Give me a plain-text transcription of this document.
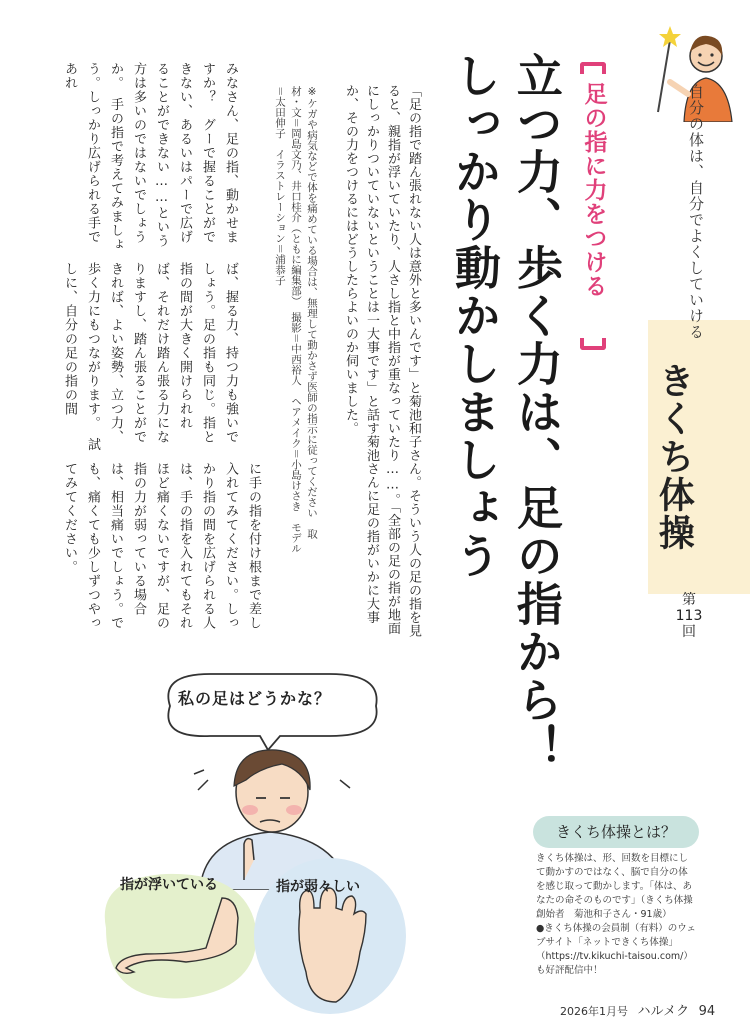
自分の体は、自分でよくしていける
きくち体操
第
113
回
足の指に力をつける
立つ力、歩く力は、足の指から！
しっかり動かしましょう
「足の指で踏ん張れない人は意外と多いんです」と菊池和子さん。そういう人の足の指を見ると、親指が浮いていたり、人さし指と中指が重なっていたり……。「全部の足の指が地面にしっかりついていないということは一大事です」と話す菊池さんに足の指がいかに大事か、その力をつけるにはどうしたらよいのか伺いました。
※ケガや病気などで体を痛めている場合は、無理して動かさず医師の指示に従ってください　取材・文＝岡島文乃、井口桂介（ともに編集部）　撮影＝中西裕人　ヘアメイク＝小島けさき　モデル＝太田伸子　イラストレーション＝浦恭子
みなさん、足の指、動かせますか？　グーで握ることができない、あるいはパーで広げることができない……という方は多いのではないでしょうか。　手の指で考えてみましょう。しっかり広げられる手であれ
ば、握る力、持つ力も強いでしょう。足の指も同じ。指と指の間が大きく開けられれば、それだけ踏ん張る力になりますし、踏ん張ることができれば、よい姿勢、立つ力、歩く力にもつながります。　試しに、自分の足の指の間
に手の指を付け根まで差し入れてみてください。しっかり指の間を広げられる人は、手の指を入れてもそれほど痛くないですが、足の指の力が弱っている場合は、相当痛いでしょう。でも、痛くても少しずつやってみてください。
私の足はどうかな？
指が浮いている	指が弱々しい
きくち体操とは？

きくち体操は、形、回数を目標にして動かすのではなく、脳で自分の体を感じ取って動かします。「体は、あなたの命そのものです」（きくち体操創始者　菊池和子さん・91歳）

●きくち体操の会員制（有料）のウェブサイト「ネットできくち体操」（https://tv.kikuchi-taisou.com/）も好評配信中！

2026年1月号 ハルメク 94
